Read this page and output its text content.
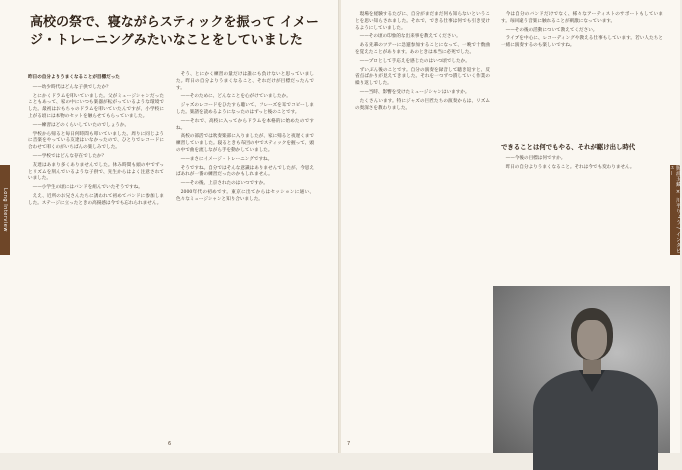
高校の祭で、寝ながらスティックを振って イメージ・トレーニングみたいなことをしていました
昨日の自分よりうまくなることが目標だった

——幼少時代はどんな子供でしたか？

とにかくドラムを叩いていました。父がミュージシャンだったこともあって、家の中にいつも楽器が転がっているような環境でした。最初はおもちゃのドラムを叩いていたんですが、小学校に上がる頃には本物のセットを触らせてもらっていました。

——練習はどのくらいしていたのでしょうか。

学校から帰ると毎日何時間も叩いていました。周りに同じように音楽をやっている友達はいなかったので、ひとりでレコードに合わせて叩くのがいちばんの楽しみでした。

——学校ではどんな存在でしたか？

友達はあまり多くありませんでした。休み時間も頭の中でずっとリズムを刻んでいるような子供で、先生からはよく注意されていました。

——小学生の頃にはバンドを組んでいたそうですね。

ええ、近所のお兄さんたちに誘われて初めてバンドに参加しました。ステージに立ったときの高揚感は今でも忘れられません。

そう、とにかく練習の量だけは誰にも負けないと思っていました。昨日の自分よりうまくなること、それだけが目標だったんです。

——そのために、どんなことを心がけていましたか。

ジャズのレコードをひたすら聴いて、フレーズを耳でコピーしました。楽譜を読めるようになったのはずっと後のことです。

——それで、高校に入ってからドラムを本格的に始めたのですね。

高校の部活では吹奏楽部に入りましたが、家に帰ると夜遅くまで練習していました。寝るときも布団の中でスティックを握って、頭の中で曲を流しながら手を動かしていました。

——まさにイメージ・トレーニングですね。

そうですね。自分ではそんな意識はありませんでしたが、今思えばあれが一番の練習だったのかもしれません。

——その後、上京されたのはいつですか。

2000年代の初めです。東京に出てからはセッションに通い、色々なミュージシャンと知り合いました。

6
Long Interview

現場を経験するたびに、自分がまだまだ何も知らないということを思い知らされました。それで、できる仕事は何でも引き受けるようにしていました。

——その頃の印象的な出来事を教えてください。

ある先輩のツアーに急遽参加することになって、一晩で十数曲を覚えたことがあります。あのときは本当に必死でした。

——プロとして手応えを感じたのはいつ頃でしたか。

ずいぶん後のことです。自分の演奏を録音して聴き返すと、反省点ばかりが見えてきました。それを一つずつ潰していく作業の繰り返しでした。

——当時、影響を受けたミュージシャンはいますか。

たくさんいます。特にジャズの巨匠たちの演奏からは、リズムの奥深さを教わりました。

今は自分のバンドだけでなく、様々なアーティストのサポートもしています。毎回違う音楽に触れることが刺激になっています。

——その後の活動について教えてください。

ライブを中心に、レコーディングや教える仕事もしています。若い人たちと一緒に演奏するのも楽しいですね。

できることは何でもやる、それが駆け出し時代

——今後の目標は何ですか。

昨日の自分よりうまくなること。それは今でも変わりません。

7
勝浦玉藏 × 川平りょう / インタビュー
